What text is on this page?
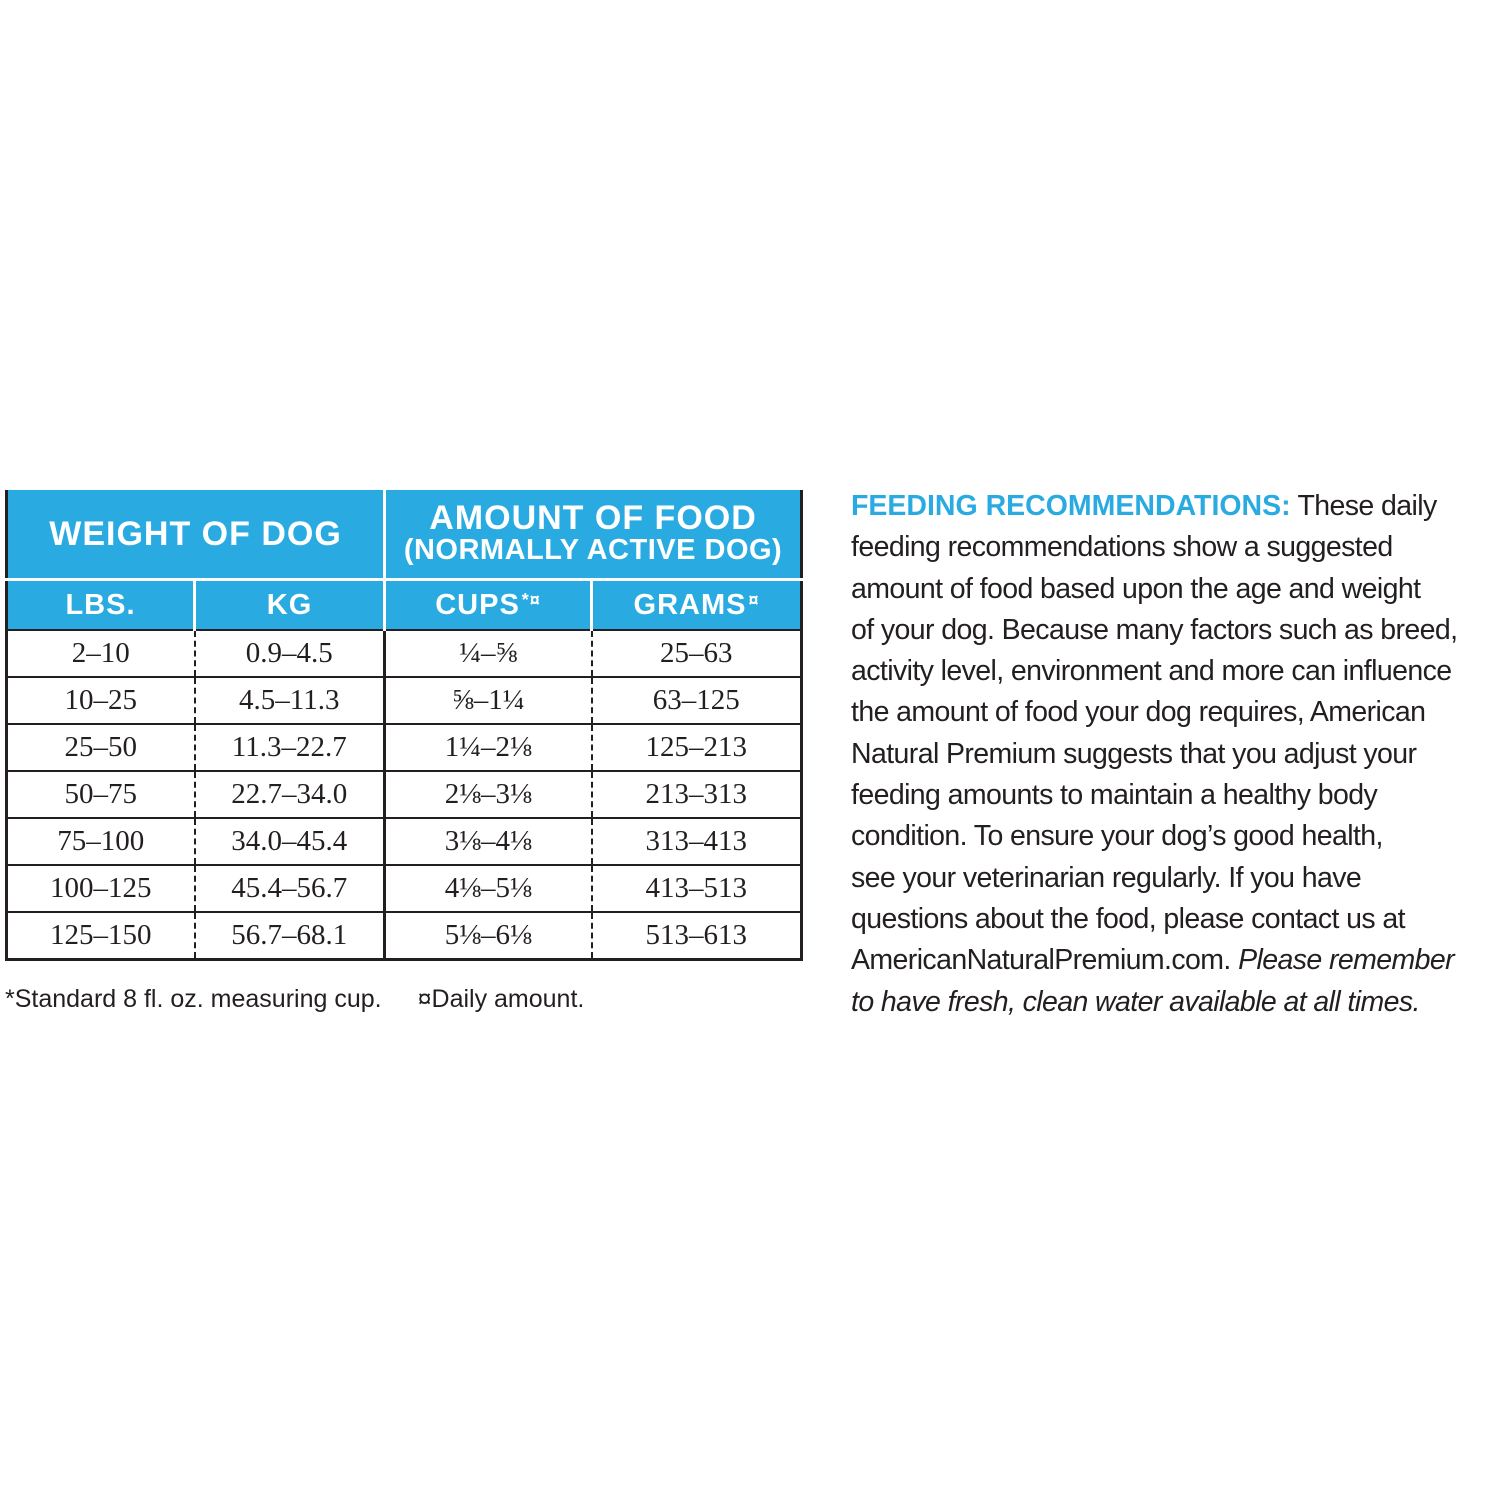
WEIGHT OF DOG		AMOUNT OF FOOD
(NORMALLY ACTIVE DOG)	

LBS.	KG	CUPS *¤	GRAMS ¤
2–10	0.9–4.5	¼–⅝	25–63
10–25	4.5–11.3	⅝–1¼	63–125
25–50	11.3–22.7	1¼–2⅛	125–213
50–75	22.7–34.0	2⅛–3⅛	213–313
75–100	34.0–45.4	3⅛–4⅛	313–413
100–125	45.4–56.7	4⅛–5⅛	413–513
125–150	56.7–68.1	5⅛–6⅛	513–613
*Standard 8 fl. oz. measuring cup. ¤Daily amount.
FEEDING RECOMMENDATIONS: These daily
feeding recommendations show a suggested
amount of food based upon the age and weight
of your dog. Because many factors such as breed,
activity level, environment and more can influence
the amount of food your dog requires, American
Natural Premium suggests that you adjust your
feeding amounts to maintain a healthy body
condition. To ensure your dog’s good health,
see your veterinarian regularly. If you have
questions about the food, please contact us at
AmericanNaturalPremium.com. Please remember
to have fresh, clean water available at all times.
